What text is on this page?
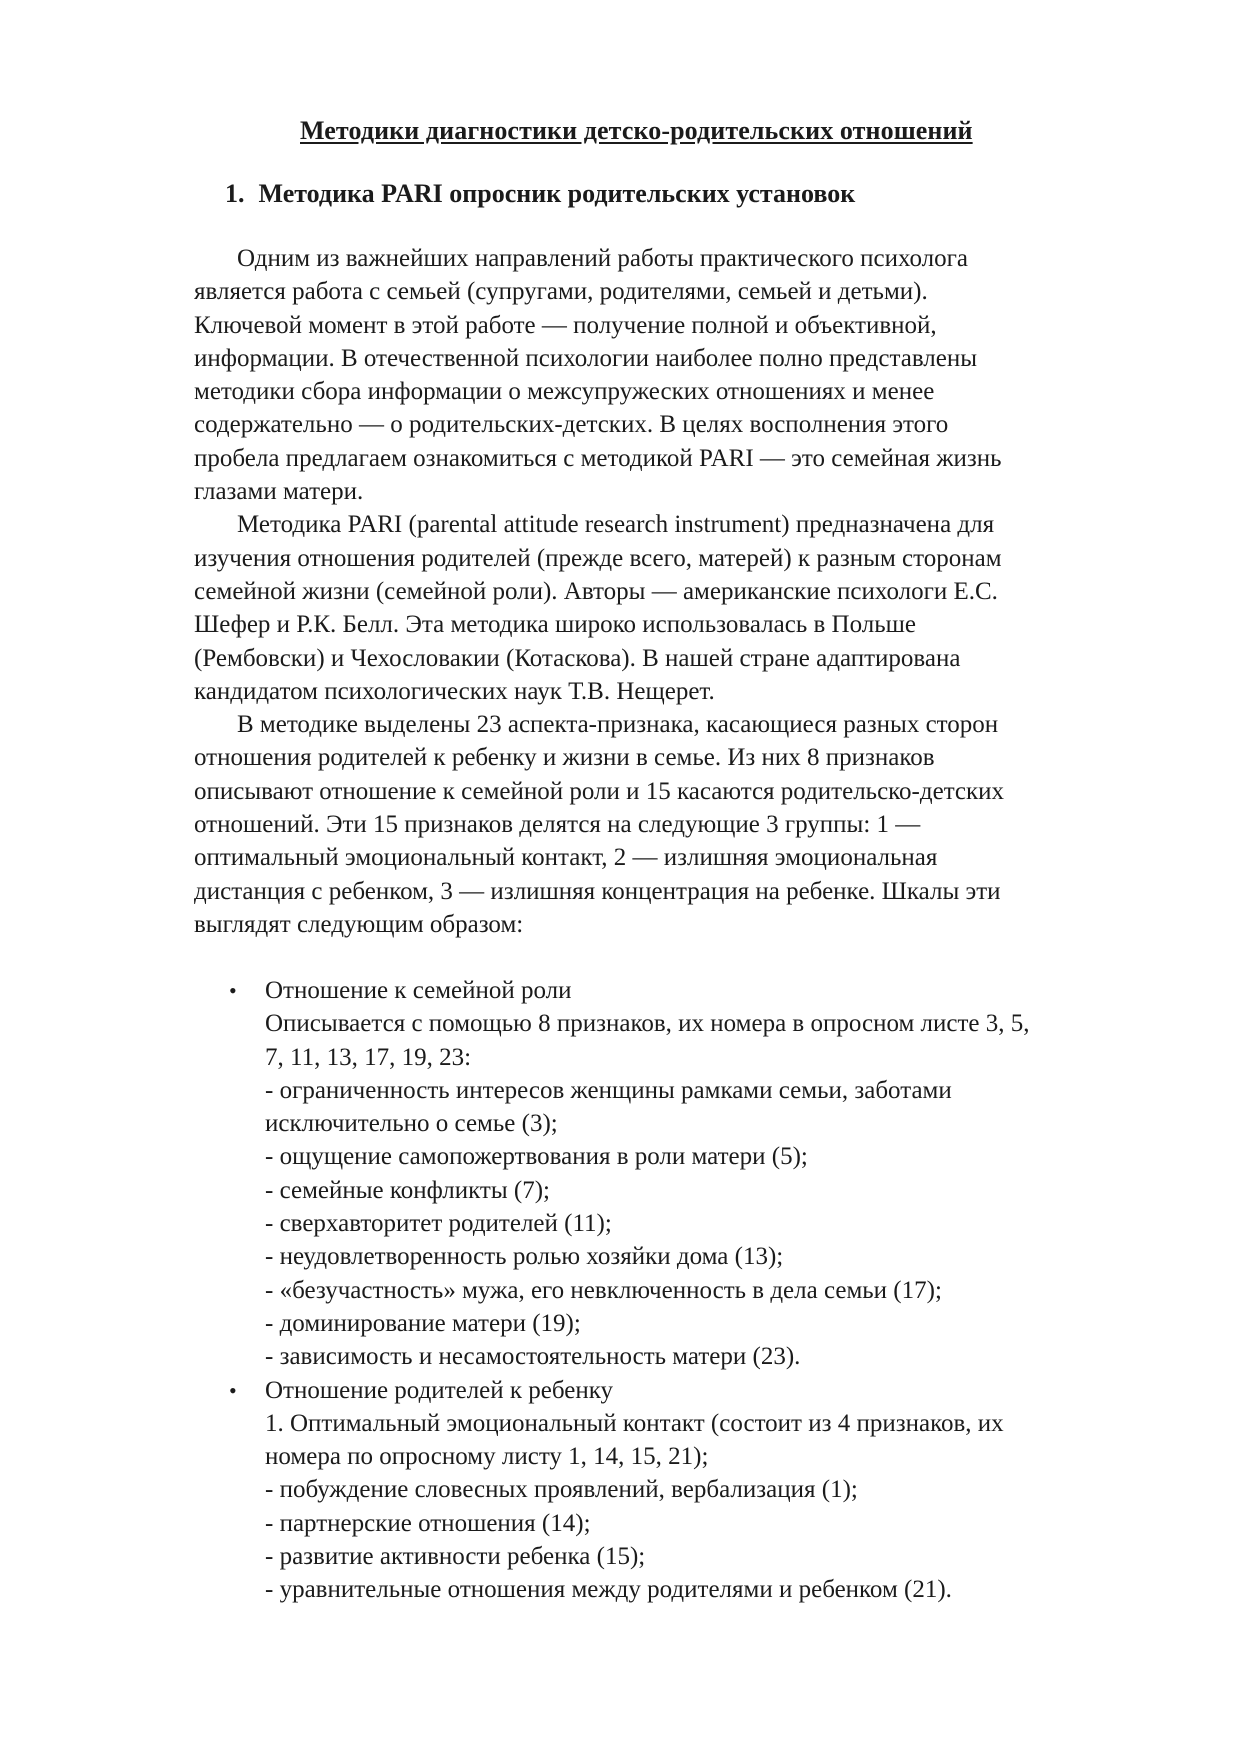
Методики диагностики детско-родительских отношений
1. Методика PARI опросник родительских установок
Одним из важнейших направлений работы практического психолога
является работа с семьей (супругами, родителями, семьей и детьми).
Ключевой момент в этой работе — получение полной и объективной,
информации. В отечественной психологии наиболее полно представлены
методики сбора информации о межсупружеских отношениях и менее
содержательно — о родительских-детских. В целях восполнения этого
пробела предлагаем ознакомиться с методикой PARI — это семейная жизнь
глазами матери.
Методика PARI (parental attitude research instrument) предназначена для
изучения отношения родителей (прежде всего, матерей) к разным сторонам
семейной жизни (семейной роли). Авторы — американские психологи Е.С.
Шефер и Р.К. Белл. Эта методика широко использовалась в Польше
(Рембовски) и Чехословакии (Котаскова). В нашей стране адаптирована
кандидатом психологических наук Т.В. Нещерет.
В методике выделены 23 аспекта-признака, касающиеся разных сторон
отношения родителей к ребенку и жизни в семье. Из них 8 признаков
описывают отношение к семейной роли и 15 касаются родительско-детских
отношений. Эти 15 признаков делятся на следующие 3 группы: 1 —
оптимальный эмоциональный контакт, 2 — излишняя эмоциональная
дистанция с ребенком, 3 — излишняя концентрация на ребенке. Шкалы эти
выглядят следующим образом:
• Отношение к семейной роли
Описывается с помощью 8 признаков, их номера в опросном листе 3, 5,
7, 11, 13, 17, 19, 23:
- ограниченность интересов женщины рамками семьи, заботами
исключительно о семье (3);
- ощущение самопожертвования в роли матери (5);
- семейные конфликты (7);
- сверхавторитет родителей (11);
- неудовлетворенность ролью хозяйки дома (13);
- «безучастность» мужа, его невключенность в дела семьи (17);
- доминирование матери (19);
- зависимость и несамостоятельность матери (23).
• Отношение родителей к ребенку
1. Оптимальный эмоциональный контакт (состоит из 4 признаков, их
номера по опросному листу 1, 14, 15, 21);
- побуждение словесных проявлений, вербализация (1);
- партнерские отношения (14);
- развитие активности ребенка (15);
- уравнительные отношения между родителями и ребенком (21).
